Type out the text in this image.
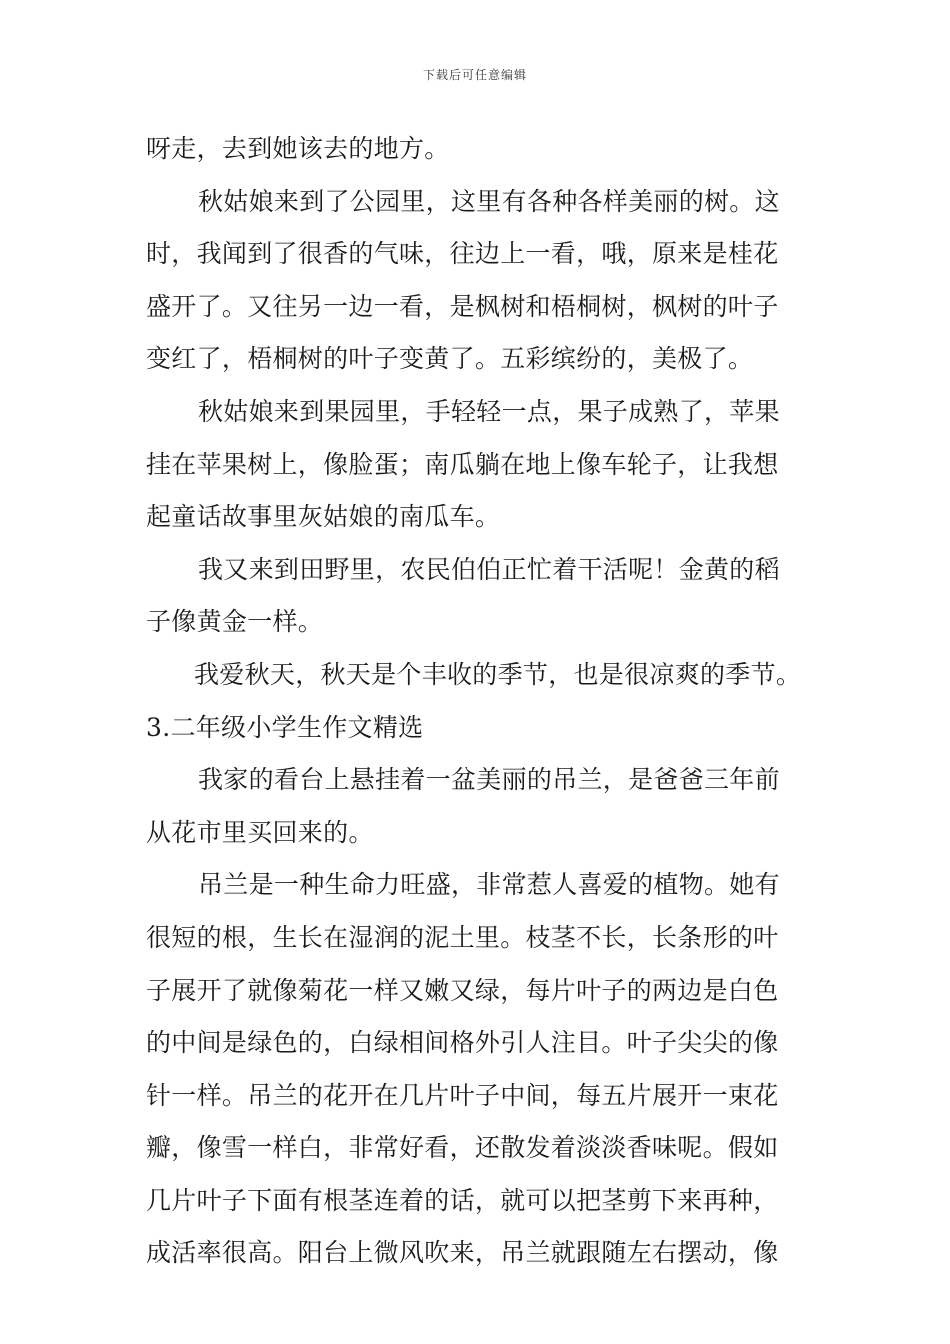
下载后可任意编辑
呀走，去到她该去的地方。
秋姑娘来到了公园里，这里有各种各样美丽的树。这
时，我闻到了很香的气味，往边上一看，哦，原来是桂花
盛开了。又往另一边一看，是枫树和梧桐树，枫树的叶子
变红了，梧桐树的叶子变黄了。五彩缤纷的，美极了。
秋姑娘来到果园里，手轻轻一点，果子成熟了，苹果
挂在苹果树上，像脸蛋；南瓜躺在地上像车轮子，让我想
起童话故事里灰姑娘的南瓜车。
我又来到田野里，农民伯伯正忙着干活呢！金黄的稻
子像黄金一样。
我爱秋天，秋天是个丰收的季节，也是很凉爽的季节。
3.二年级小学生作文精选
我家的看台上悬挂着一盆美丽的吊兰，是爸爸三年前
从花市里买回来的。
吊兰是一种生命力旺盛，非常惹人喜爱的植物。她有
很短的根，生长在湿润的泥土里。枝茎不长，长条形的叶
子展开了就像菊花一样又嫩又绿，每片叶子的两边是白色
的中间是绿色的，白绿相间格外引人注目。叶子尖尖的像
针一样。吊兰的花开在几片叶子中间，每五片展开一束花
瓣，像雪一样白，非常好看，还散发着淡淡香味呢。假如
几片叶子下面有根茎连着的话，就可以把茎剪下来再种，
成活率很高。阳台上微风吹来，吊兰就跟随左右摆动，像
